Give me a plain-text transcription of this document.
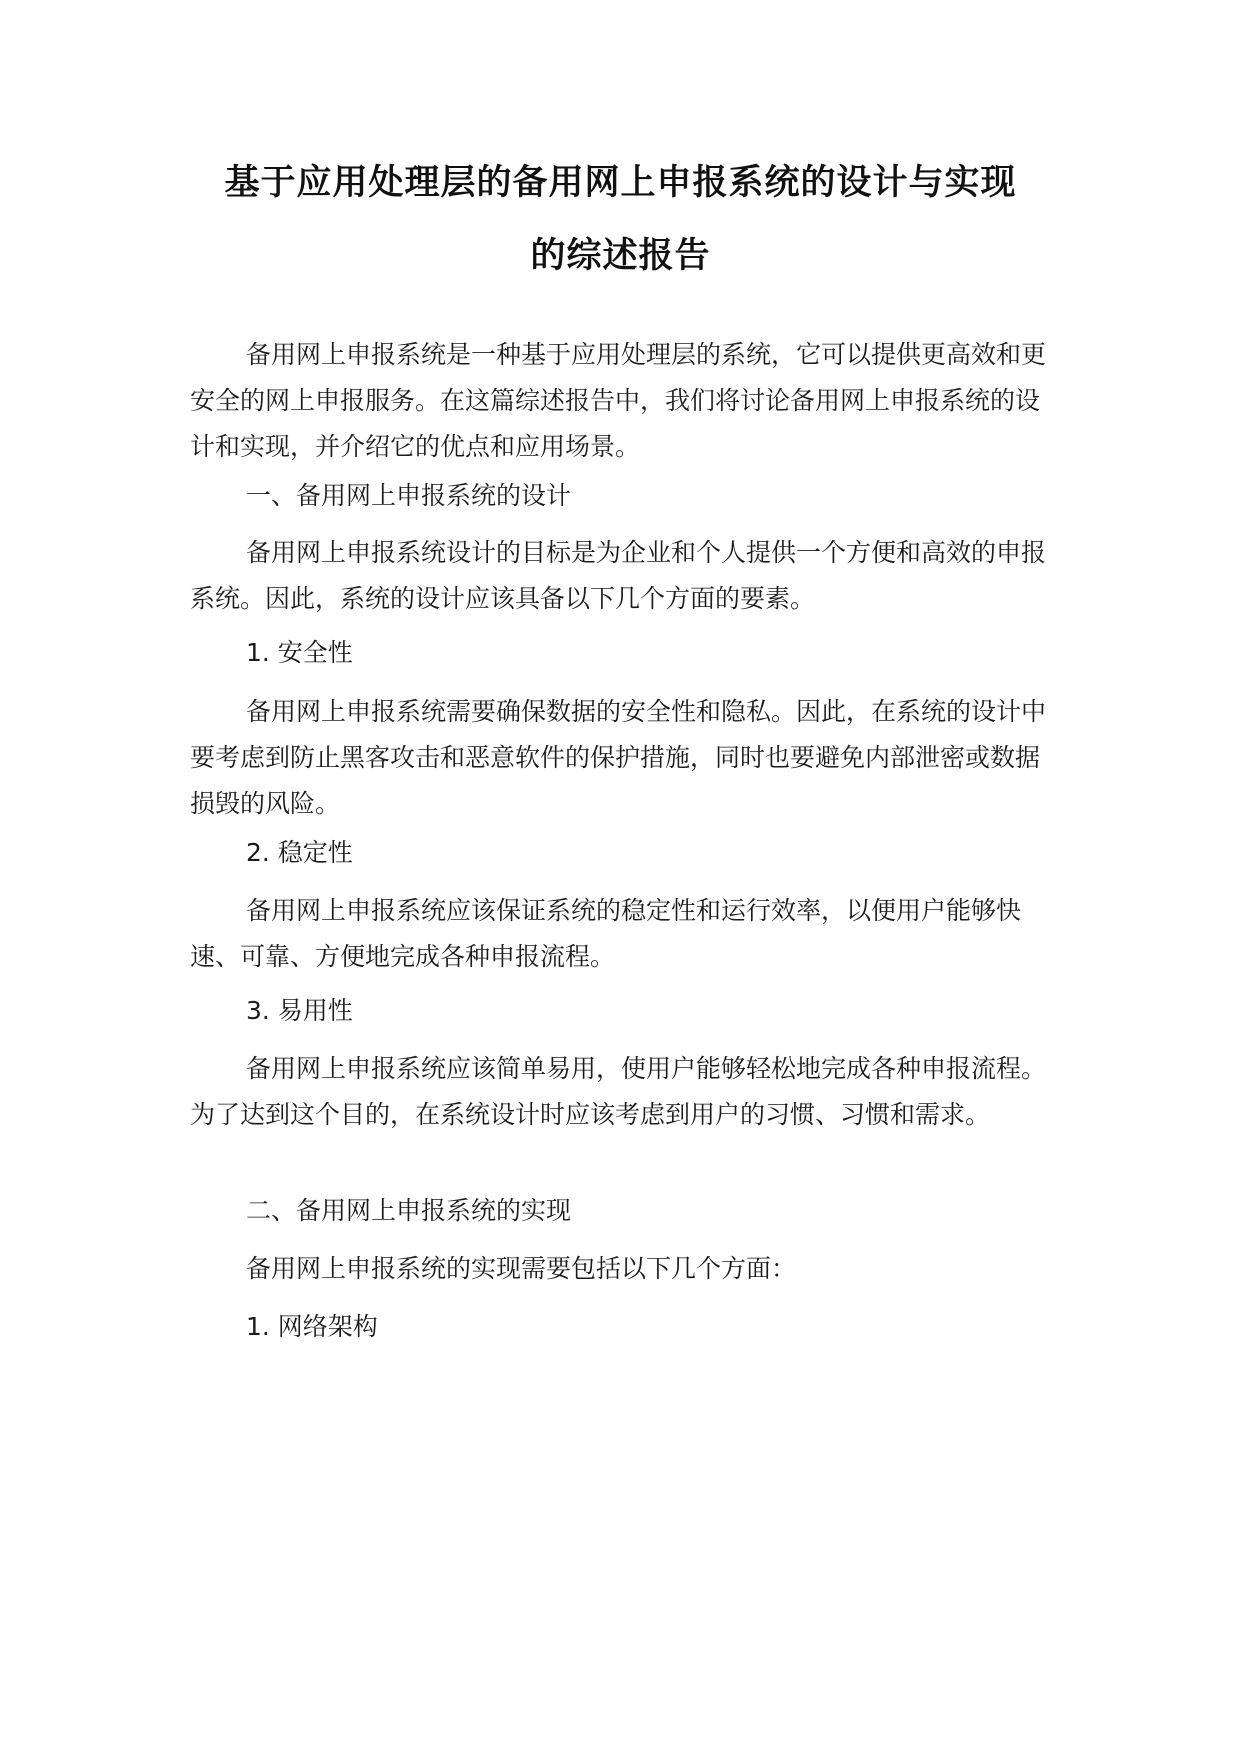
基于应用处理层的备用网上申报系统的设计与实现
的综述报告
备用网上申报系统是一种基于应用处理层的系统，它可以提供更高效和更安全的网上申报服务。在这篇综述报告中，我们将讨论备用网上申报系统的设计和实现，并介绍它的优点和应用场景。
一、备用网上申报系统的设计
备用网上申报系统设计的目标是为企业和个人提供一个方便和高效的申报系统。因此，系统的设计应该具备以下几个方面的要素。
1. 安全性
备用网上申报系统需要确保数据的安全性和隐私。因此，在系统的设计中要考虑到防止黑客攻击和恶意软件的保护措施，同时也要避免内部泄密或数据损毁的风险。
2. 稳定性
备用网上申报系统应该保证系统的稳定性和运行效率，以便用户能够快速、可靠、方便地完成各种申报流程。
3. 易用性
备用网上申报系统应该简单易用，使用户能够轻松地完成各种申报流程。为了达到这个目的，在系统设计时应该考虑到用户的习惯、习惯和需求。
二、备用网上申报系统的实现
备用网上申报系统的实现需要包括以下几个方面：
1. 网络架构
